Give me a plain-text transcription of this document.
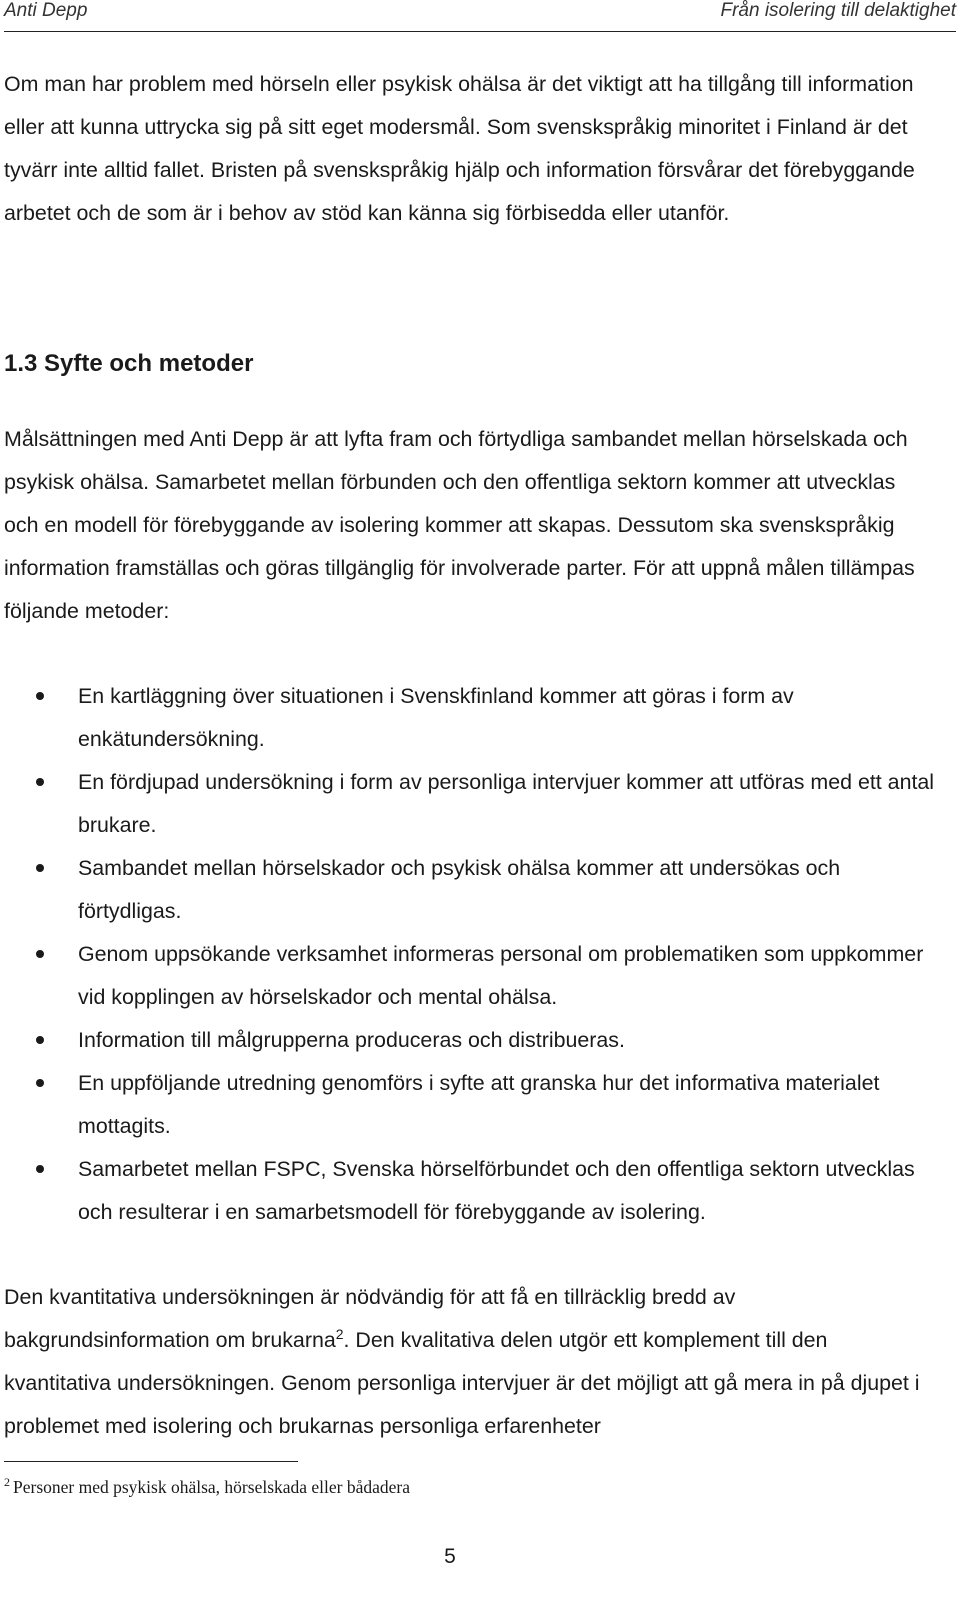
Anti Depp	Från isolering till delaktighet

Om man har problem med hörseln eller psykisk ohälsa är det viktigt att ha tillgång till information eller att kunna uttrycka sig på sitt eget modersmål. Som svenskspråkig minoritet i Finland är det tyvärr inte alltid fallet. Bristen på svenskspråkig hjälp och information försvårar det förebyggande arbetet och de som är i behov av stöd kan känna sig förbisedda eller utanför.

1.3 Syfte och metoder

Målsättningen med Anti Depp är att lyfta fram och förtydliga sambandet mellan hörselskada och psykisk ohälsa. Samarbetet mellan förbunden och den offentliga sektorn kommer att utvecklas och en modell för förebyggande av isolering kommer att skapas. Dessutom ska svenskspråkig information framställas och göras tillgänglig för involverade parter. För att uppnå målen tillämpas följande metoder:

En kartläggning över situationen i Svenskfinland kommer att göras i form av enkätundersökning.
En fördjupad undersökning i form av personliga intervjuer kommer att utföras med ett antal brukare.
Sambandet mellan hörselskador och psykisk ohälsa kommer att undersökas och förtydligas.
Genom uppsökande verksamhet informeras personal om problematiken som uppkommer vid kopplingen av hörselskador och mental ohälsa.
Information till målgrupperna produceras och distribueras.
En uppföljande utredning genomförs i syfte att granska hur det informativa materialet mottagits.
Samarbetet mellan FSPC, Svenska hörselförbundet och den offentliga sektorn utvecklas och resulterar i en samarbetsmodell för förebyggande av isolering.

Den kvantitativa undersökningen är nödvändig för att få en tillräcklig bredd av bakgrundsinformation om brukarna$^2$. Den kvalitativa delen utgör ett komplement till den kvantitativa undersökningen. Genom personliga intervjuer är det möjligt att gå mera in på djupet i problemet med isolering och brukarnas personliga erfarenheter

$^2$ Personer med psykisk ohälsa, hörselskada eller bådadera

5
